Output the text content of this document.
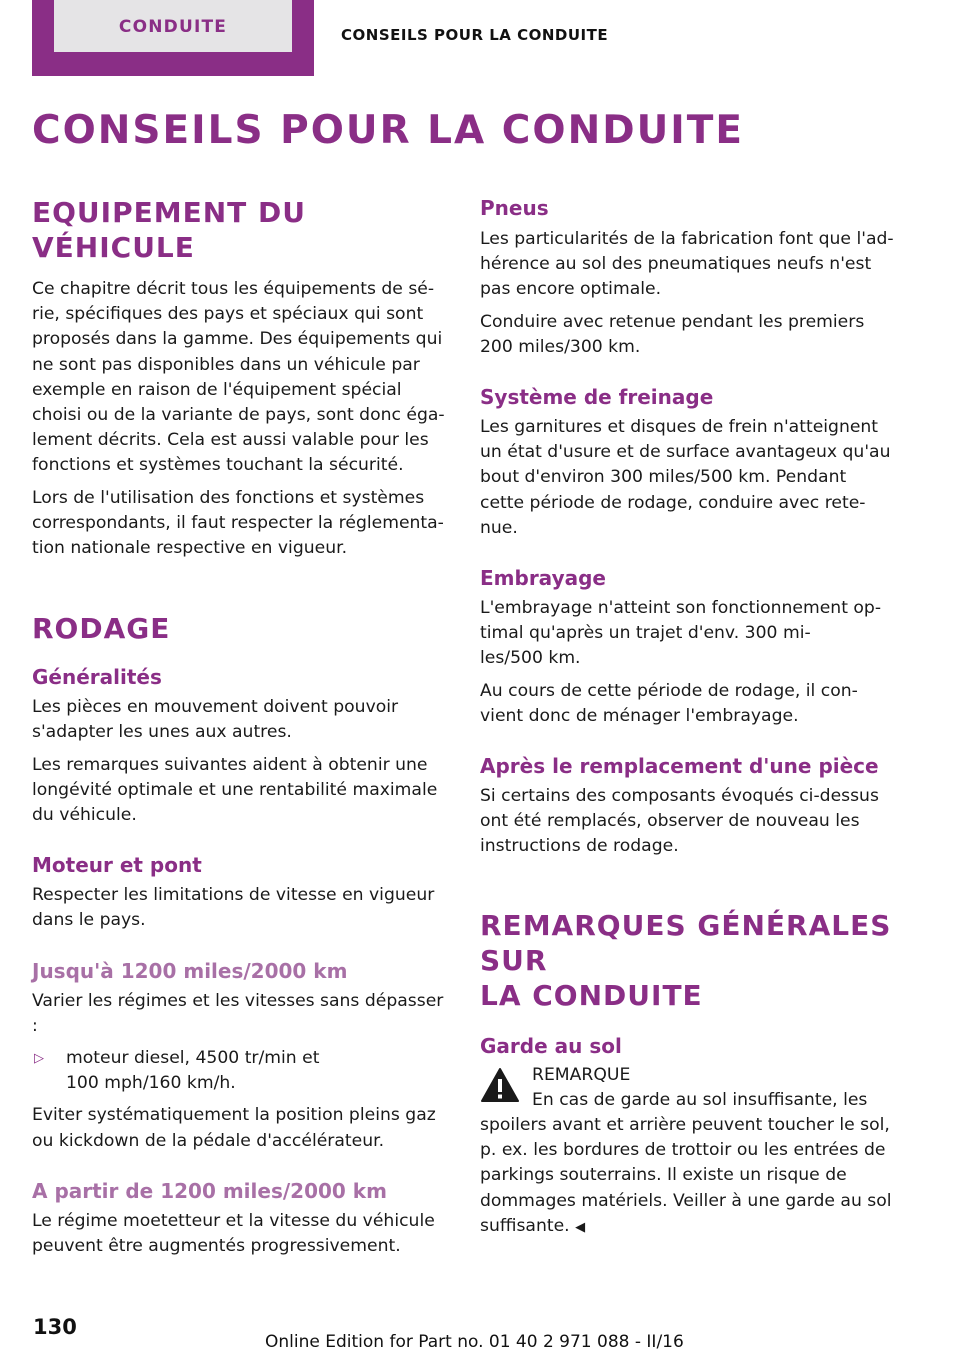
CONDUITE	CONSEILS POUR LA CONDUITE
CONSEILS POUR LA CONDUITE
EQUIPEMENT DU VÉHICULE
Ce chapitre décrit tous les équipements de sé‐
rie, spécifiques des pays et spéciaux qui sont
proposés dans la gamme. Des équipements qui
ne sont pas disponibles dans un véhicule par
exemple en raison de l'équipement spécial
choisi ou de la variante de pays, sont donc éga‐
lement décrits. Cela est aussi valable pour les
fonctions et systèmes touchant la sécurité.
Lors de l'utilisation des fonctions et systèmes
correspondants, il faut respecter la réglementa‐
tion nationale respective en vigueur.
RODAGE
Généralités
Les pièces en mouvement doivent pouvoir
s'adapter les unes aux autres.
Les remarques suivantes aident à obtenir une
longévité optimale et une rentabilité maximale
du véhicule.
Moteur et pont
Respecter les limitations de vitesse en vigueur
dans le pays.
Jusqu'à 1200 miles/2000 km
Varier les régimes et les vitesses sans dépasser :
▷ moteur diesel, 4500 tr/min et
100 mph/160 km/h.
Eviter systématiquement la position pleins gaz
ou kickdown de la pédale d'accélérateur.
A partir de 1200 miles/2000 km
Le régime moetetteur et la vitesse du véhicule
peuvent être augmentés progressivement.
Pneus
Les particularités de la fabrication font que l'ad‐
hérence au sol des pneumatiques neufs n'est
pas encore optimale.
Conduire avec retenue pendant les premiers
200 miles/300 km.
Système de freinage
Les garnitures et disques de frein n'atteignent
un état d'usure et de surface avantageux qu'au
bout d'environ 300 miles/500 km. Pendant
cette période de rodage, conduire avec rete‐
nue.
Embrayage
L'embrayage n'atteint son fonctionnement op‐
timal qu'après un trajet d'env. 300 mi‐
les/500 km.
Au cours de cette période de rodage, il con‐
vient donc de ménager l'embrayage.
Après le remplacement d'une pièce
Si certains des composants évoqués ci-dessus
ont été remplacés, observer de nouveau les
instructions de rodage.
REMARQUES GÉNÉRALES SUR
LA CONDUITE
Garde au sol
REMARQUE
En cas de garde au sol insuffisante, les
spoilers avant et arrière peuvent toucher le sol,
p. ex. les bordures de trottoir ou les entrées de
parkings souterrains. Il existe un risque de
dommages matériels. Veiller à une garde au sol
suffisante. ◀
130
Online Edition for Part no. 01 40 2 971 088 - II/16
